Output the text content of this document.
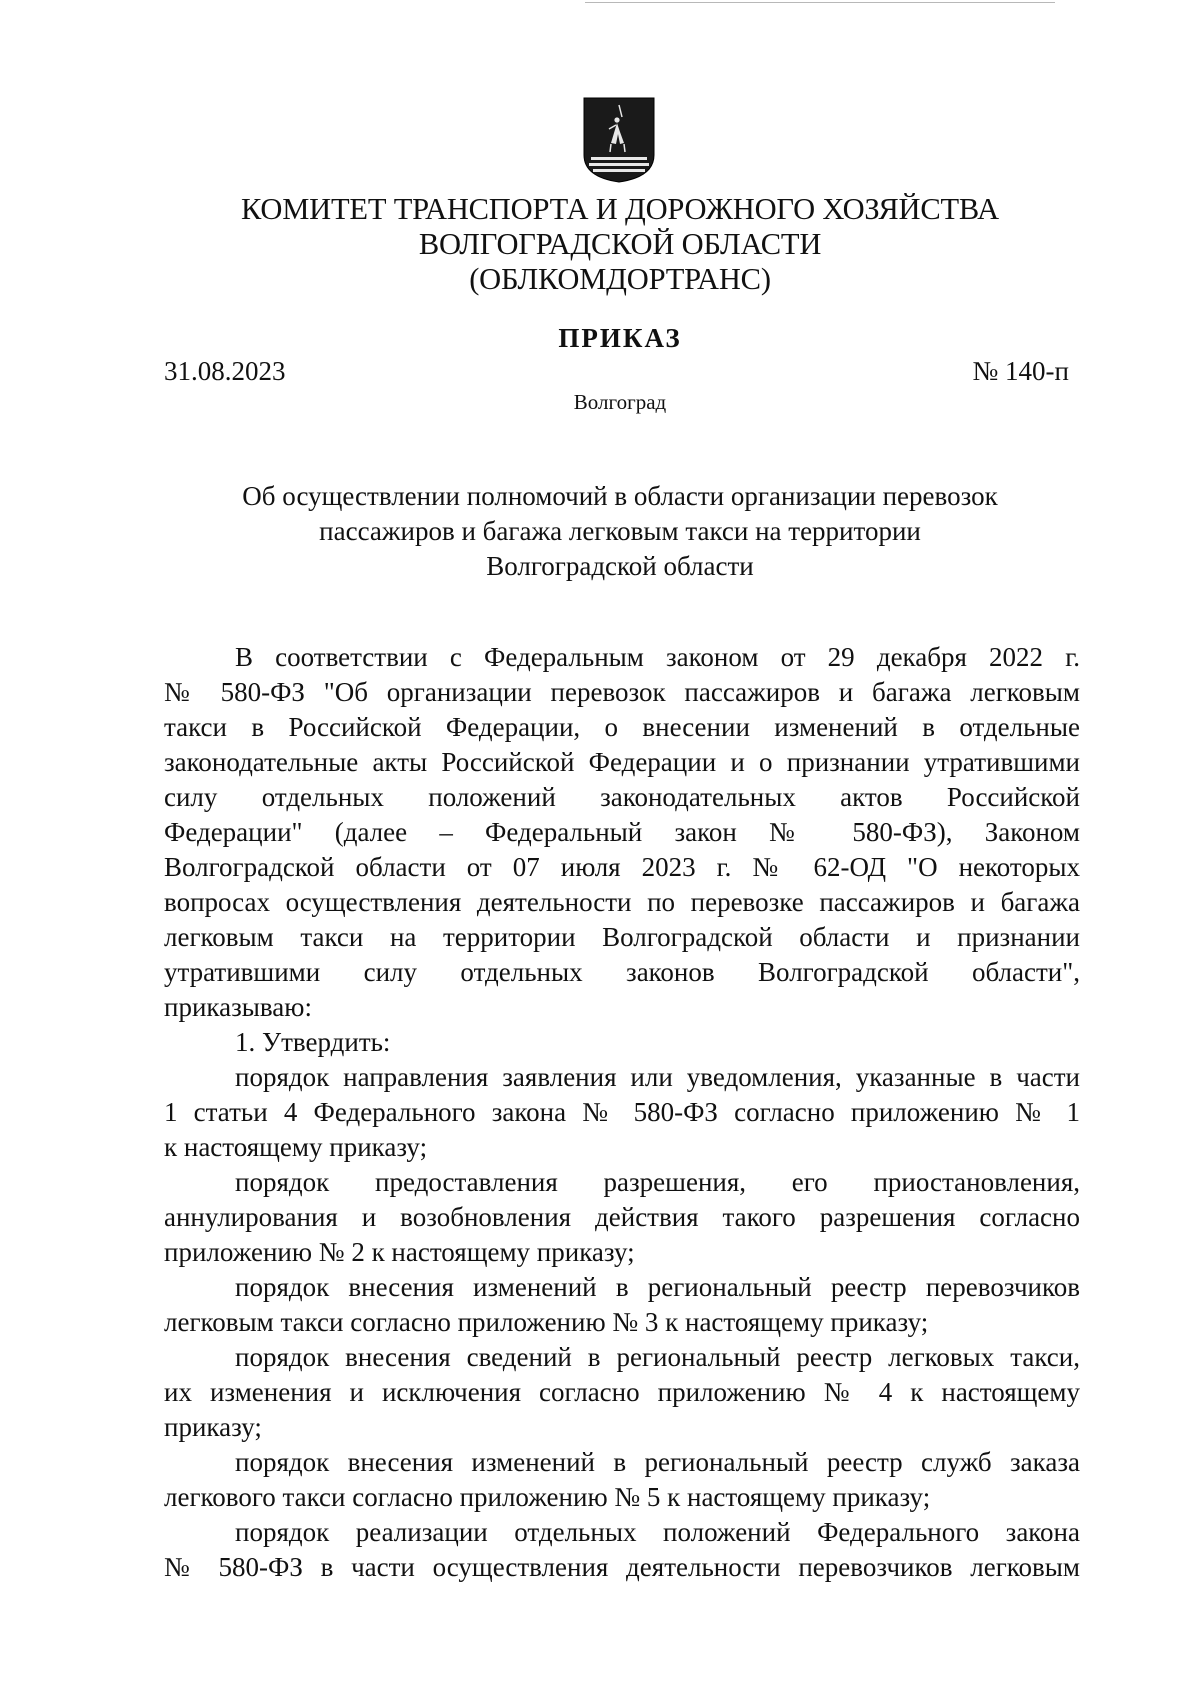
КОМИТЕТ ТРАНСПОРТА И ДОРОЖНОГО ХОЗЯЙСТВА

ВОЛГОГРАДСКОЙ ОБЛАСТИ

(ОБЛКОМДОРТРАНС)

ПРИКАЗ

31.08.2023	№ 140-п
Волгоград

Об осуществлении полномочий в области организации перевозок

пассажиров и багажа легковым такси на территории

Волгоградской области

В соответствии с Федеральным законом от 29 декабря 2022 г.
№ 580-ФЗ "Об организации перевозок пассажиров и багажа легковым
такси в Российской Федерации, о внесении изменений в отдельные
законодательные акты Российской Федерации и о признании утратившими
силу отдельных положений законодательных актов Российской
Федерации" (далее – Федеральный закон № 580-ФЗ), Законом
Волгоградской области от 07 июля 2023 г. № 62-ОД "О некоторых
вопросах осуществления деятельности по перевозке пассажиров и багажа
легковым такси на территории Волгоградской области и признании
утратившими силу отдельных законов Волгоградской области",
приказываю:
1. Утвердить:
порядок направления заявления или уведомления, указанные в части
1 статьи 4 Федерального закона № 580-ФЗ согласно приложению № 1
к настоящему приказу;
порядок предоставления разрешения, его приостановления,
аннулирования и возобновления действия такого разрешения согласно
приложению № 2 к настоящему приказу;
порядок внесения изменений в региональный реестр перевозчиков
легковым такси согласно приложению № 3 к настоящему приказу;
порядок внесения сведений в региональный реестр легковых такси,
их изменения и исключения согласно приложению № 4 к настоящему
приказу;
порядок внесения изменений в региональный реестр служб заказа
легкового такси согласно приложению № 5 к настоящему приказу;
порядок реализации отдельных положений Федерального закона
№ 580-ФЗ в части осуществления деятельности перевозчиков легковым
